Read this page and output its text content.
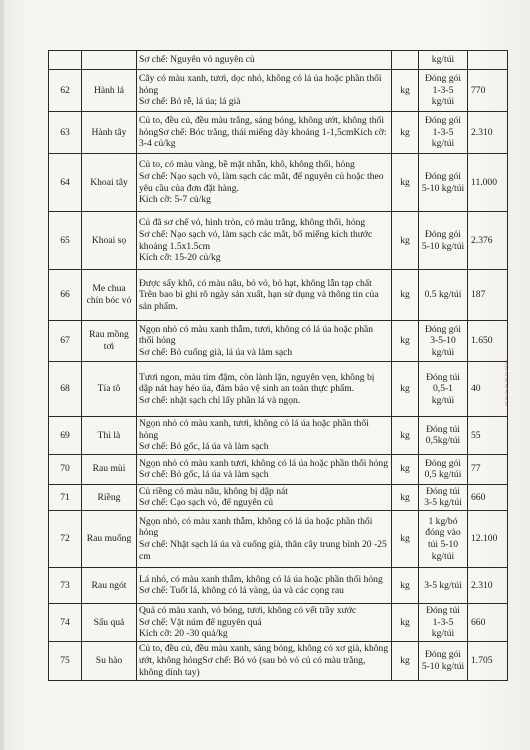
		Sơ chế: Nguyên vỏ nguyên củ		kg/túi	
62	Hành lá	Cây có màu xanh, tươi, dọc nhỏ, không có lá úa hoặc phần thối hỏng
Sơ chế: Bỏ rễ, lá úa; lá già	kg	Đóng gói 1-3-5 kg/túi	770
63	Hành tây	Củ to, đều củ, đều màu trắng, sáng bóng, không ướt, không thối hỏngSơ chế: Bóc trắng, thái miếng dày khoảng 1-1,5cmKích cỡ: 3-4 củ/kg	kg	Đóng gói 1-3-5 kg/túi	2.310
64	Khoai tây	Củ to, có màu vàng, bề mặt nhẵn, khô, không thối, hỏng
Sơ chế: Nạo sạch vỏ, làm sạch các mắt, để nguyên củ hoặc theo yêu cầu của đơn đặt hàng.
Kích cỡ: 5-7 củ/kg	kg	Đóng gói 5-10 kg/túi	11.000
65	Khoai sọ	Củ đã sơ chế vỏ, hình tròn, có màu trắng, không thối, hỏng
Sơ chế: Nạo sạch vỏ, làm sạch các mắt, bổ miếng kích thước khoảng 1.5x1.5cm
Kích cỡ: 15-20 củ/kg	kg	Đóng gói 5-10 kg/túi	2.376
66	Me chua chín bóc vỏ	Được sấy khô, có màu nâu, bỏ vỏ, bỏ hạt, không lẫn tạp chất
Trên bao bì ghi rõ ngày sản xuất, hạn sử dụng và thông tin của sản phẩm.	kg	0.5 kg/túi	187
67	Rau mồng tơi	Ngọn nhỏ có màu xanh thẫm, tươi, không có lá úa hoặc phần thối hỏng
Sơ chế: Bỏ cuống già, lá úa và làm sạch	kg	Đóng gói 3-5-10 kg/túi	1.650
68	Tía tô	Tươi ngon, màu tím đậm, còn lành lặn, nguyên vẹn, không bị dập nát hay héo úa, đảm bảo vệ sinh an toàn thực phẩm.
Sơ chế: nhặt sạch chỉ lấy phần lá và ngọn.	kg	Đóng túi 0,5-1 kg/túi	40
69	Thì là	Ngọn nhỏ có màu xanh, tươi, không có lá úa hoặc phần thối hỏng
Sơ chế: Bỏ gốc, lá úa và làm sạch	kg	Đóng túi 0,5kg/túi	55
70	Rau mùi	Ngọn nhỏ có màu xanh tươi, không có lá úa hoặc phần thối hỏng
Sơ chế: Bỏ gốc, lá úa và làm sạch	kg	Đóng gói 0,5 kg/túi	77
71	Riềng	Củ riềng có màu nâu, không bị dập nát
Sơ chế: Cạo sạch vỏ, để nguyên củ	kg	Đóng túi 3-5 kg/túi	660
72	Rau muống	Ngọn nhỏ, có màu xanh thẫm, không có lá úa hoặc phần thối hỏng
Sơ chế: Nhặt sạch lá úa và cuống già, thân cây trung bình 20 -25 cm	kg	1 kg/bó đóng vào túi 5-10 kg/túi	12.100
73	Rau ngót	Lá nhỏ, có màu xanh thẫm, không có lá úa hoặc phần thối hỏng
Sơ chế: Tuốt lá, không có lá vàng, úa và các cọng rau	kg	3-5 kg/túi	2.310
74	Sấu quả	Quả có màu xanh, vỏ bóng, tươi, không có vết trầy xước
Sơ chế: Vặt núm để nguyên quả
Kích cỡ: 20 -30 quả/kg	kg	Đóng túi 1-3-5 kg/túi	660
75	Su hào	Củ to, đều củ, đều màu xanh, sáng bóng, không có xơ già, không ướt, không hỏngSơ chế: Bỏ vỏ (sau bỏ vỏ củ có màu trắng, không dính tay)	kg	Đóng gói 5-10 kg/túi	1.705
~~~~~~~~
